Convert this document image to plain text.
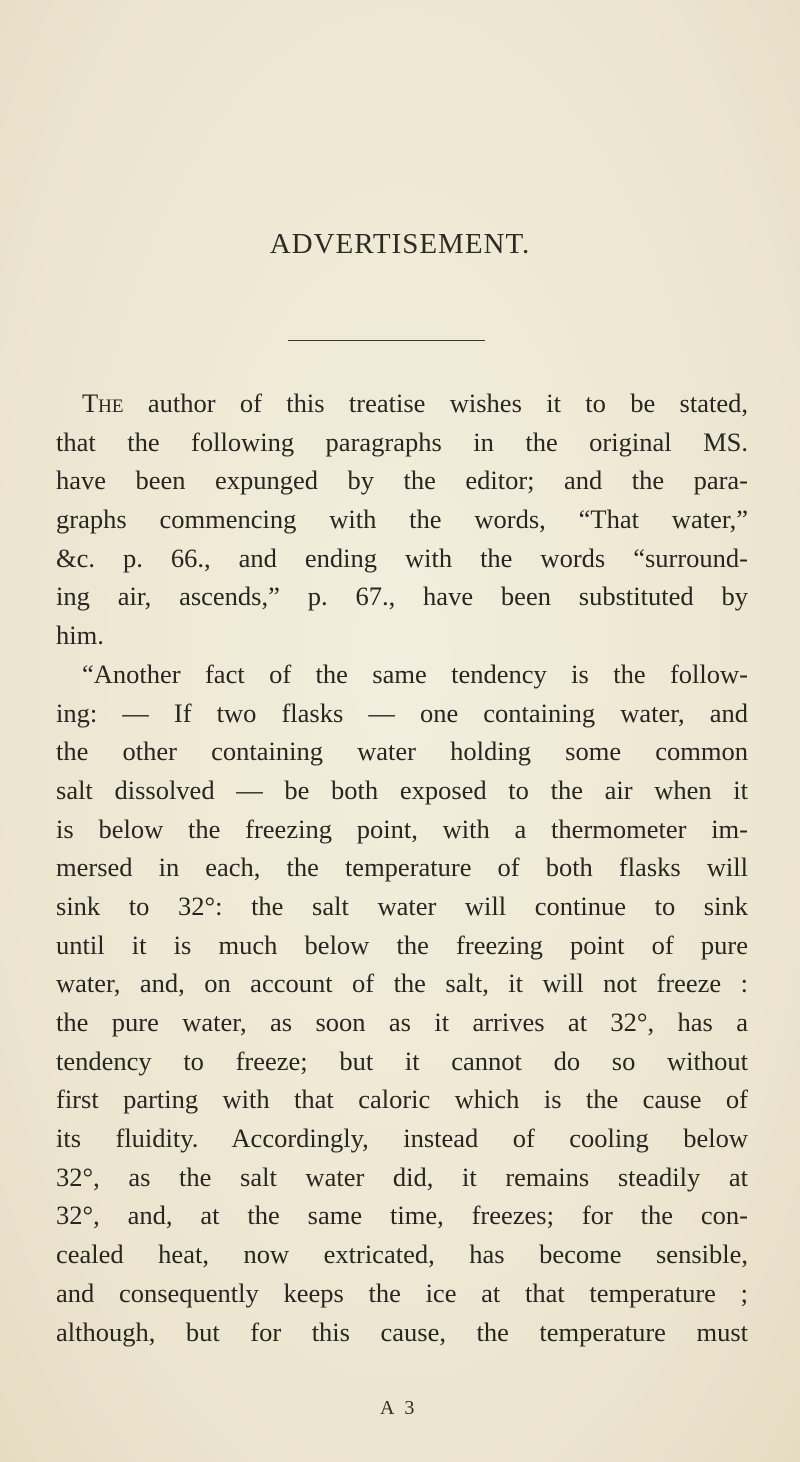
ADVERTISEMENT.
The author of this treatise wishes it to be stated,
that the following paragraphs in the original MS.
have been expunged by the editor; and the para-
graphs commencing with the words, “That water,”
&c. p. 66., and ending with the words “surround-
ing air, ascends,” p. 67., have been substituted by
him.
“Another fact of the same tendency is the follow-
ing: — If two flasks — one containing water, and
the other containing water holding some common
salt dissolved — be both exposed to the air when it
is below the freezing point, with a thermometer im-
mersed in each, the temperature of both flasks will
sink to 32°: the salt water will continue to sink
until it is much below the freezing point of pure
water, and, on account of the salt, it will not freeze :
the pure water, as soon as it arrives at 32°, has a
tendency to freeze; but it cannot do so without
first parting with that caloric which is the cause of
its fluidity. Accordingly, instead of cooling below
32°, as the salt water did, it remains steadily at
32°, and, at the same time, freezes; for the con-
cealed heat, now extricated, has become sensible,
and consequently keeps the ice at that temperature ;
although, but for this cause, the temperature must
A 3
